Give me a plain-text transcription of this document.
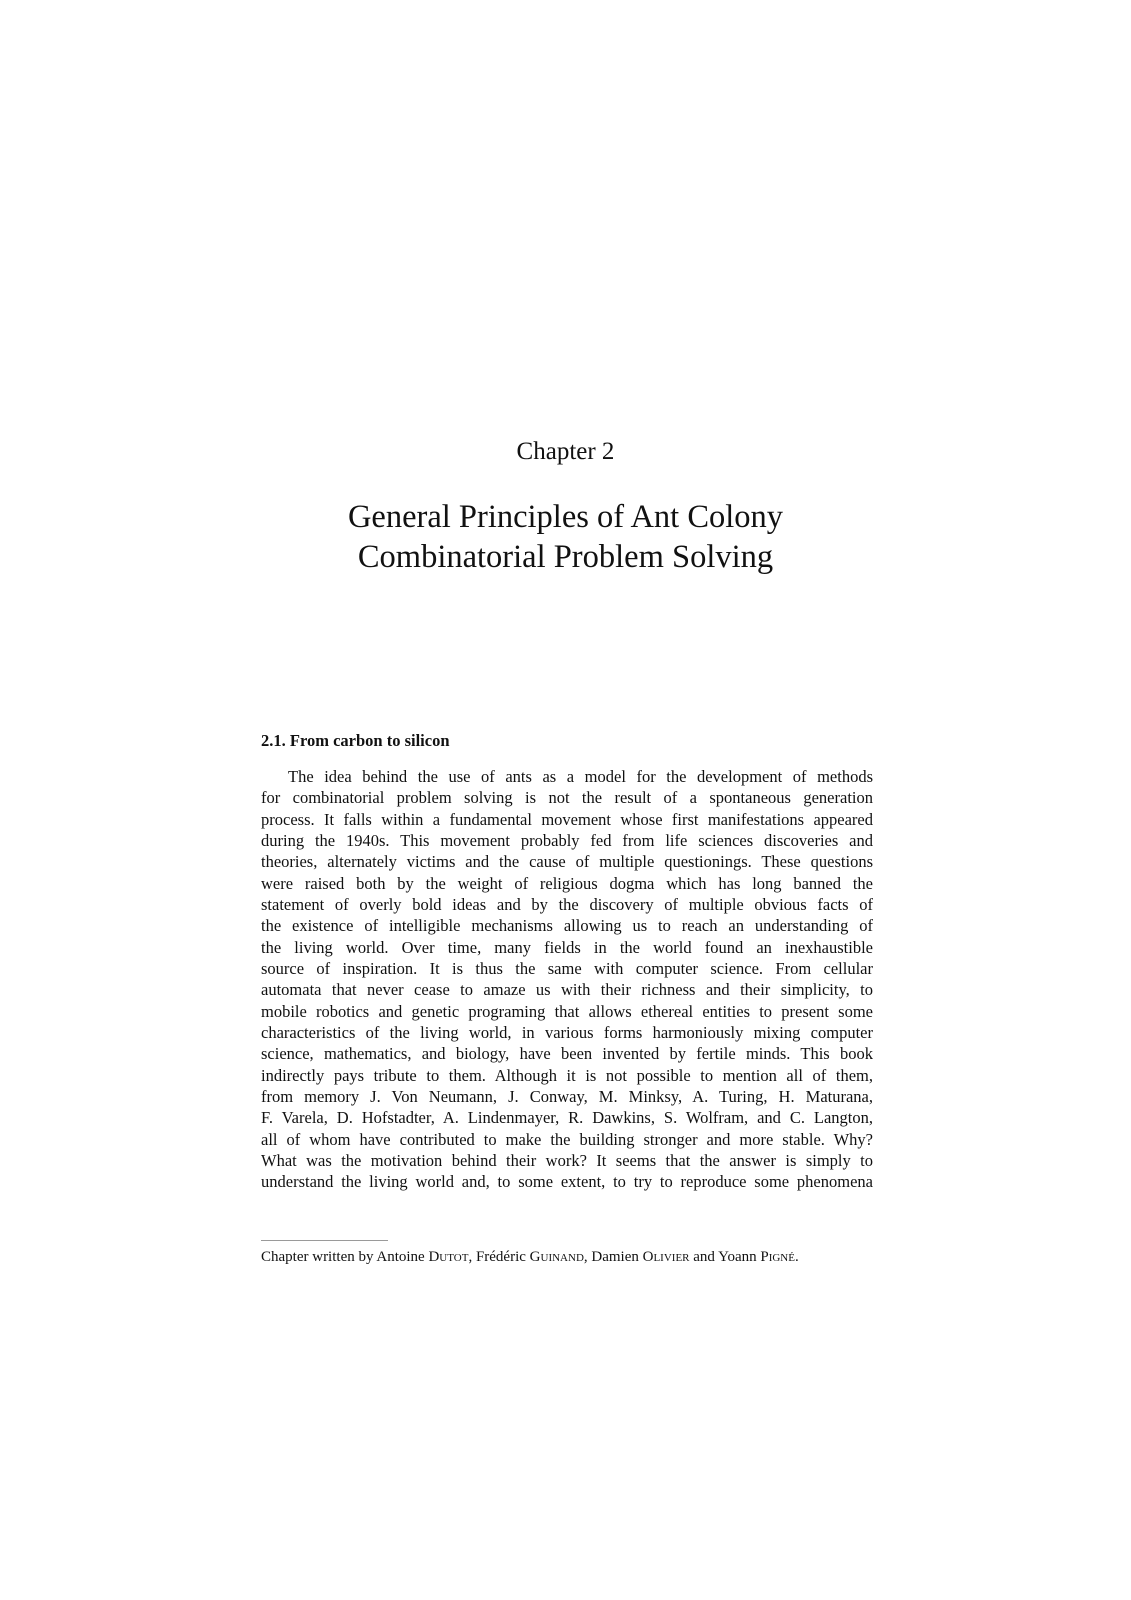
Chapter 2
General Principles of Ant Colony
Combinatorial Problem Solving
2.1. From carbon to silicon
The idea behind the use of ants as a model for the development of methods
for combinatorial problem solving is not the result of a spontaneous generation
process. It falls within a fundamental movement whose first manifestations appeared
during the 1940s. This movement probably fed from life sciences discoveries and
theories, alternately victims and the cause of multiple questionings. These questions
were raised both by the weight of religious dogma which has long banned the
statement of overly bold ideas and by the discovery of multiple obvious facts of
the existence of intelligible mechanisms allowing us to reach an understanding of
the living world. Over time, many fields in the world found an inexhaustible
source of inspiration. It is thus the same with computer science. From cellular
automata that never cease to amaze us with their richness and their simplicity, to
mobile robotics and genetic programing that allows ethereal entities to present some
characteristics of the living world, in various forms harmoniously mixing computer
science, mathematics, and biology, have been invented by fertile minds. This book
indirectly pays tribute to them. Although it is not possible to mention all of them,
from memory J. Von Neumann, J. Conway, M. Minksy, A. Turing, H. Maturana,
F. Varela, D. Hofstadter, A. Lindenmayer, R. Dawkins, S. Wolfram, and C. Langton,
all of whom have contributed to make the building stronger and more stable. Why?
What was the motivation behind their work? It seems that the answer is simply to
understand the living world and, to some extent, to try to reproduce some phenomena
Chapter written by Antoine Dutot, Frédéric Guinand, Damien Olivier and Yoann Pigné.
